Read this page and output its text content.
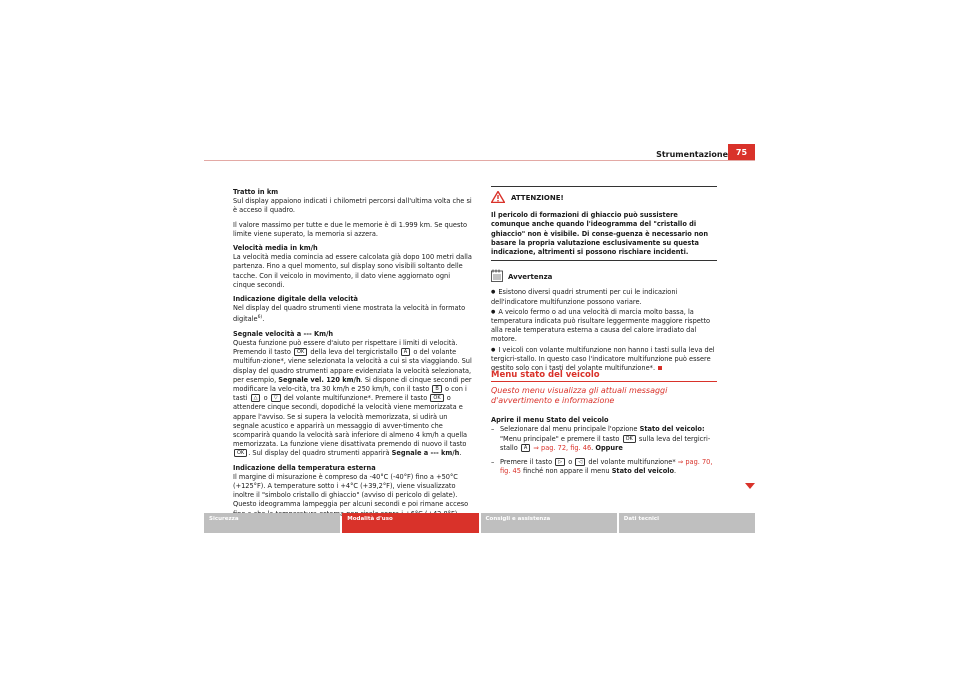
Strumentazione 75

Tratto in km

Sul display appaiono indicati i chilometri percorsi dall'ultima volta che si è acceso il quadro.

Il valore massimo per tutte e due le memorie è di 1.999 km. Se questo limite viene superato, la memoria si azzera.

Velocità media in km/h

La velocità media comincia ad essere calcolata già dopo 100 metri dalla partenza. Fino a quel momento, sul display sono visibili soltanto delle tacche. Con il veicolo in movimento, il dato viene aggiornato ogni cinque secondi.

Indicazione digitale della velocità

Nel display del quadro strumenti viene mostrata la velocità in formato digitale$^{6)}$.

Segnale velocità a --- Km/h

Questa funzione può essere d'aiuto per rispettare i limiti di velocità. Premendo il tasto OK della leva del tergicristallo A o del volante multifun-zione*, viene selezionata la velocità a cui si sta viaggiando. Sul display del quadro strumenti appare evidenziata la velocità selezionata, per esempio, Segnale vel. 120 km/h. Si dispone di cinque secondi per modificare la velo-cità, tra 30 km/h e 250 km/h, con il tasto B o con i tasti △ o ▽ del volante multifunzione*. Premere il tasto OK o attendere cinque secondi, dopodiché la velocità viene memorizzata e appare l'avviso. Se si supera la velocità memorizzata, si udirà un segnale acustico e apparirà un messaggio di avver-timento che scomparirà quando la velocità sarà inferiore di almeno 4 km/h a quella memorizzata. La funzione viene disattivata premendo di nuovo il tasto OK . Sul display del quadro strumenti apparirà Segnale a --- km/h.

Indicazione della temperatura esterna

Il margine di misurazione è compreso da -40°C (-40°F) fino a +50°C (+125°F). A temperature sotto i +4°C (+39,2°F), viene visualizzato inoltre il "simbolo cristallo di ghiaccio" (avviso di pericolo di gelate). Questo ideogramma lampeggia per alcuni secondi e poi rimane acceso

ATTENZIONE!

Il pericolo di formazioni di ghiaccio può sussistere comunque anche quando l'ideogramma del "cristallo di ghiaccio" non è visibile. Di conse-guenza è necessario non basare la propria valutazione esclusivamente su questa indicazione, altrimenti si possono rischiare incidenti.

Avvertenza

● Esistono diversi quadri strumenti per cui le indicazioni dell'indicatore multifunzione possono variare.

● A veicolo fermo o ad una velocità di marcia molto bassa, la temperatura indicata può risultare leggermente maggiore rispetto alla reale temperatura esterna a causa del calore irradiato dal motore.

● I veicoli con volante multifunzione non hanno i tasti sulla leva del tergicri-stallo. In questo caso l'indicatore multifunzione può essere gestito solo con i tasti del volante multifunzione*.

Menu stato del veicolo
Questo menu visualizza gli attuali messaggi d'avvertimento e informazione

Aprire il menu Stato del veicolo

– Selezionare dal menu principale l'opzione Stato del veicolo: "Menu principale" e premere il tasto OK sulla leva del tergicri-stallo A ⇒ pag. 72, fig. 46. Oppure
– Premere il tasto ▷ o ◁ del volante multifunzione* ⇒ pag. 70, fig. 45 finché non appare il menu Stato del veicolo.
Sicurezza	Modalità d'uso	Consigli e assistenza	Dati tecnici
